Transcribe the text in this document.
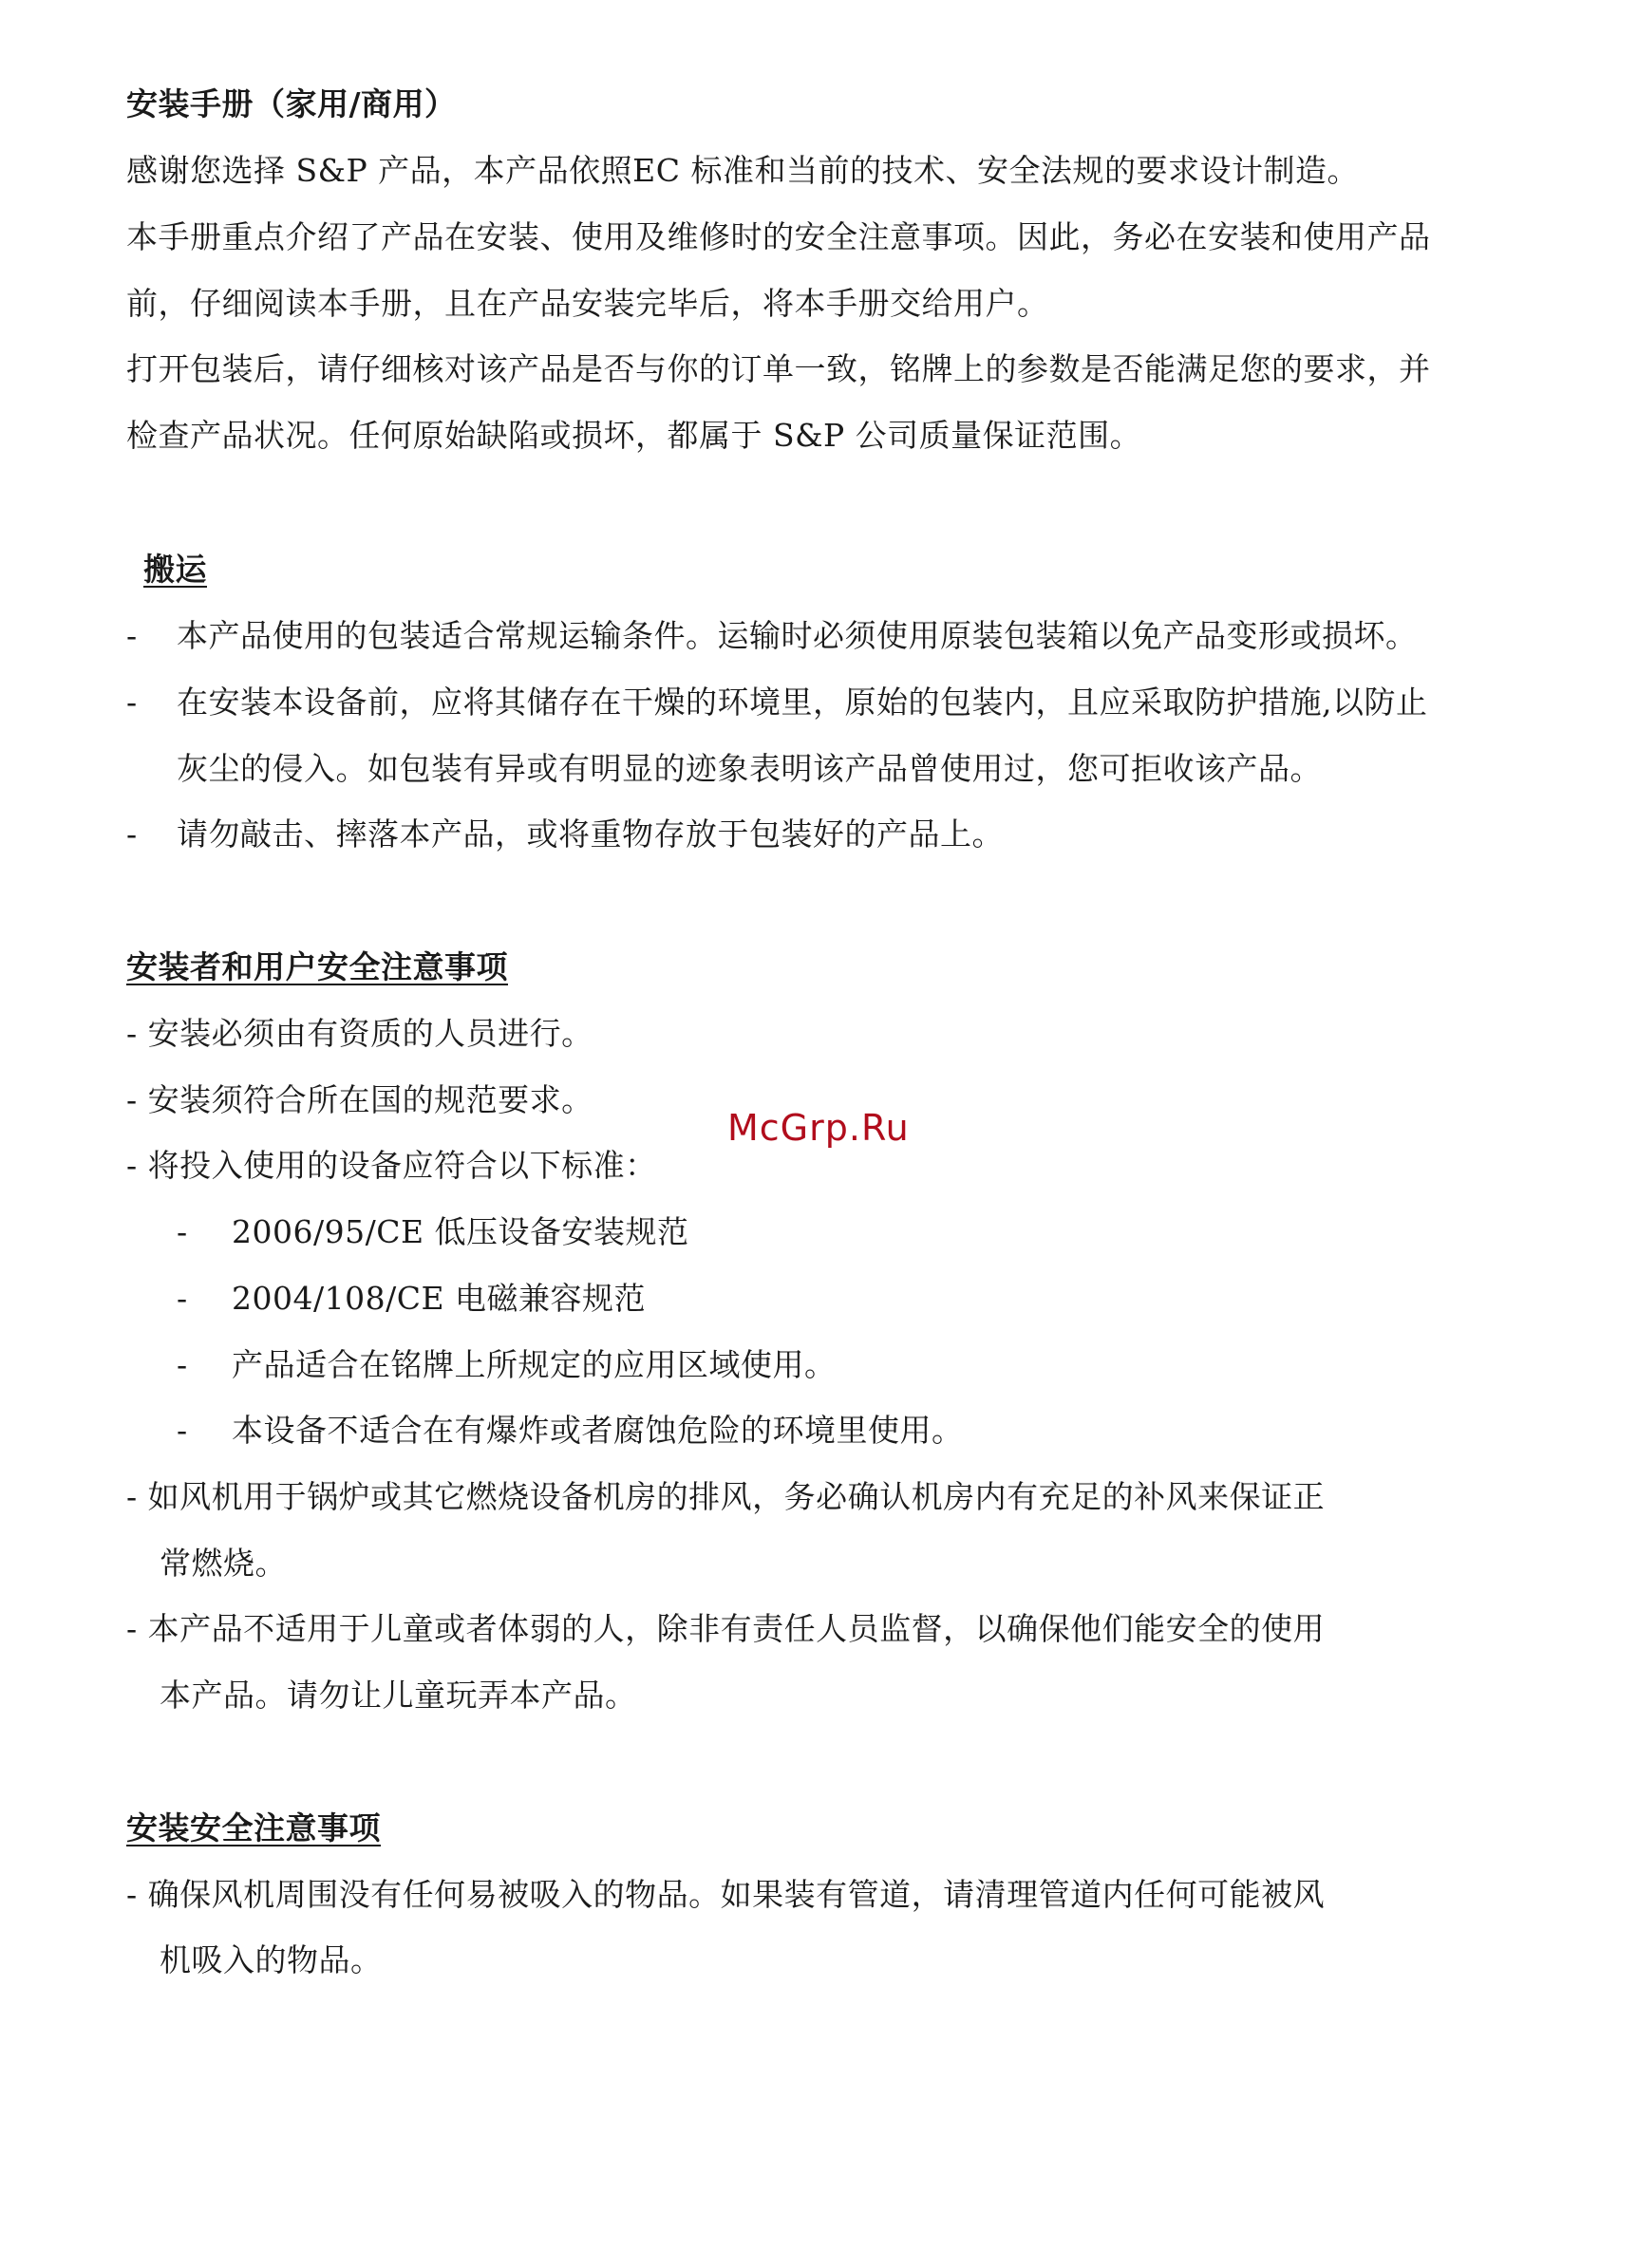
安装手册（家用/商用）
感谢您选择 S&P 产品，本产品依照EC 标准和当前的技术、安全法规的要求设计制造。
本手册重点介绍了产品在安装、使用及维修时的安全注意事项。因此，务必在安装和使用产品
前，仔细阅读本手册，且在产品安装完毕后，将本手册交给用户。
打开包装后，请仔细核对该产品是否与你的订单一致，铭牌上的参数是否能满足您的要求，并
检查产品状况。任何原始缺陷或损坏，都属于 S&P 公司质量保证范围。
搬运
- 本产品使用的包装适合常规运输条件。运输时必须使用原装包装箱以免产品变形或损坏。
- 在安装本设备前，应将其储存在干燥的环境里，原始的包装内，且应采取防护措施,以防止
灰尘的侵入。如包装有异或有明显的迹象表明该产品曾使用过，您可拒收该产品。
- 请勿敲击、摔落本产品，或将重物存放于包装好的产品上。
安装者和用户安全注意事项
- 安装必须由有资质的人员进行。
- 安装须符合所在国的规范要求。
- 将投入使用的设备应符合以下标准：
- 2006/95/CE 低压设备安装规范
- 2004/108/CE 电磁兼容规范
- 产品适合在铭牌上所规定的应用区域使用。
- 本设备不适合在有爆炸或者腐蚀危险的环境里使用。
- 如风机用于锅炉或其它燃烧设备机房的排风，务必确认机房内有充足的补风来保证正
常燃烧。
- 本产品不适用于儿童或者体弱的人，除非有责任人员监督，以确保他们能安全的使用
本产品。请勿让儿童玩弄本产品。
安装安全注意事项
- 确保风机周围没有任何易被吸入的物品。如果装有管道，请清理管道内任何可能被风
机吸入的物品。
McGrp.Ru
